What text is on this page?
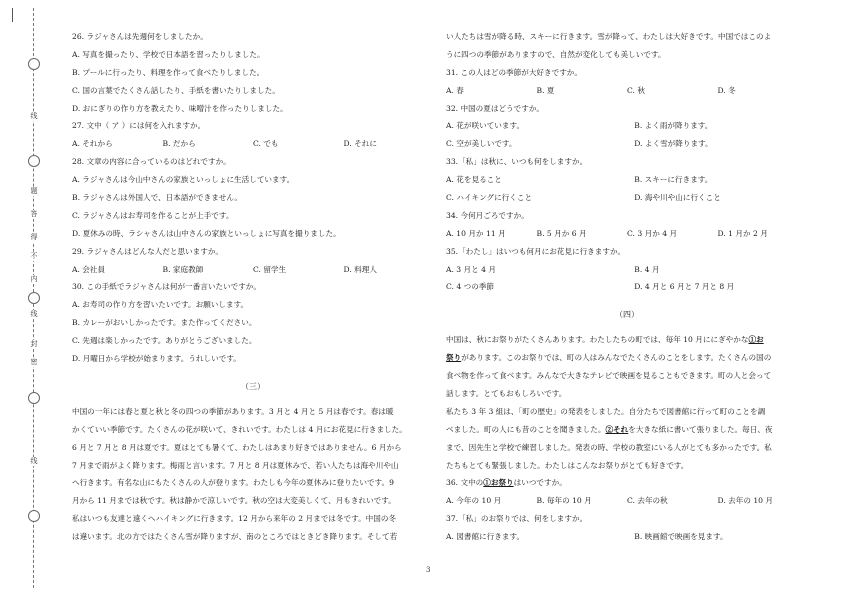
线
题
答
得
不
内
线
封
密
线
26. ラジャさんは先週何をしましたか。
A. 写真を撮ったり、学校で日本語を習ったりしました。
B. プールに行ったり、料理を作って食べたりしました。
C. 国の言葉でたくさん話したり、手紙を書いたりしました。
D. おにぎりの作り方を教えたり、味噌汁を作ったりしました。
27. 文中（ ア ）には何を入れますか。
A. それから	B. だから	C. でも	D. それに
28. 文章の内容に合っているのはどれですか。
A. ラジャさんは今山中さんの家族といっしょに生活しています。
B. ラジャさんは外国人で、日本語ができません。
C. ラジャさんはお寿司を作ることが上手です。
D. 夏休みの時、ラシャさんは山中さんの家族といっしょに写真を撮りました。
29. ラジャさんはどんな人だと思いますか。
A. 会社員	B. 家庭教師	C. 留学生	D. 料理人
30. この手紙でラジャさんは何が一番言いたいですか。
A. お寿司の作り方を習いたいです。お願いします。
B. カレーがおいしかったです。また作ってください。
C. 先週は楽しかったです。ありがとうございました。
D. 月曜日から学校が始まります。うれしいです。
（三）
中国の一年には春と夏と秋と冬の四つの季節があります。3 月と 4 月と 5 月は春です。春は暖
かくていい季節です。たくさんの花が咲いて、きれいです。わたしは 4 月にお花見に行きました。
6 月と 7 月と 8 月は夏です。夏はとても暑くて、わたしはあまり好きではありません。6 月から
7 月まで雨がよく降ります。梅雨と言います。7 月と 8 月は夏休みで、若い人たちは海や川や山
へ行きます。有名な山にもたくさんの人が登ります。わたしも今年の夏休みに登りたいです。9
月から 11 月までは秋です。秋は静かで涼しいです。秋の空は大変美しくて、月もきれいです。
私はいつも友達と遠くへハイキングに行きます。12 月から来年の 2 月までは冬です。中国の冬
は違います。北の方ではたくさん雪が降りますが、南のところではときどき降ります。そして若
い人たちは雪が降る時、スキーに行きます。雪が降って、わたしは大好きです。中国ではこのよ
うに四つの季節がありますので、自然が変化しても美しいです。
31. この人はどの季節が大好きですか。
A. 春	B. 夏	C. 秋	D. 冬
32. 中国の夏はどうですか。
A. 花が咲いています。	B. よく雨が降ります。
C. 空が美しいです。	D. よく雪が降ります。
33.「私」は秋に、いつも何をしますか。
A. 花を見ること	B. スキーに行きます。
C. ハイキングに行くこと	D. 海や川や山に行くこと
34. 今何月ごろですか。
A. 10 月か 11 月	B. 5 月か 6 月	C. 3 月か 4 月	D. 1 月か 2 月
35.「わたし」はいつも何月にお花見に行きますか。
A. 3 月と 4 月	B. 4 月
C. 4 つの季節	D. 4 月と 6 月と 7 月と 8 月
（四）
中国は、秋にお祭りがたくさんあります。わたしたちの町では、毎年 10 月ににぎやかな①お
祭りがあります。このお祭りでは、町の人はみんなでたくさんのことをします。たくさんの国の
食べ物を作って食べます。みんなで大きなテレビで映画を見ることもできます。町の人と会って
話します。とてもおもしろいです。
私たち 3 年 3 組は、「町の歴史」の発表をしました。自分たちで図書館に行って町のことを調
べました。町の人にも昔のことを聞きました。②それを大きな紙に書いて張りました。毎日、夜
まで、因先生と学校で練習しました。発表の時、学校の教室にいる人がとても多かったです。私
たちもとても緊張しました。わたしはこんなお祭りがとても好きです。
36. 文中の①お祭りはいつですか。
A. 今年の 10 月	B. 毎年の 10 月	C. 去年の秋	D. 去年の 10 月
37.「私」のお祭りでは、何をしますか。
A. 図書館に行きます。	B. 映画館で映画を見ます。
3
